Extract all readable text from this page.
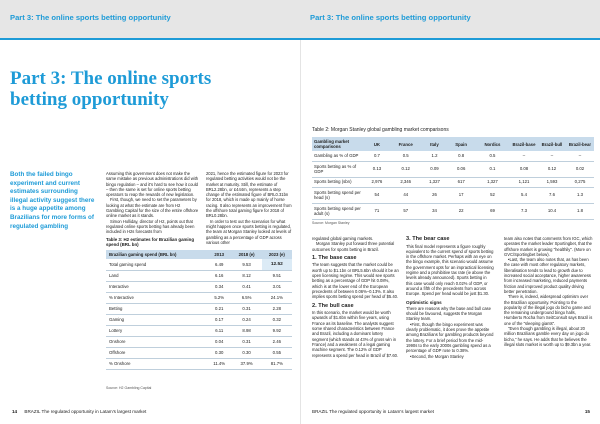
Part 3: The online sports betting opportunity
Part 3: The online sports betting opportunity
Both the failed bingo experiment and current estimates surrounding illegal activity suggest there is a huge appetite among Brazilians for more forms of regulated gambling

Assuming this government does not make the same mistake as previous administrations did with bingo regulation – and it's hard to see how it could – then the same is set for online sports betting operators to reap the rewards of new legislation.

First, though, we need to set the parameters by looking at what the estimate are from H2 Gambling Capital for the size of the entire offshore online market as it stands.

Simon Holliday, director of H2, points out that regulated online sports betting has already been included in H2s forecasts from

Table 3: H2 estimates for Brazilian gaming spend (BRL bn)

2021, hence the estimated figure for 2023 for regulated betting activities would not be the market at maturity. Still, the estimate of BRL2.28bn, or £444m, represents a step change of the estimated figure of BRL0.31bn for 2018, which is made up mainly of horse racing. It also represents an improvement from the offshore total gaming figure for 2018 of BRL0.28bn.

In order to test out the scenarios for what might happen once sports betting is regulated, the team at Morgan Stanley looked at levels of gambling as a percentage of GDP across various other

Brazilian gaming spend (BRL bn)	2013	2018 (e)	2023 (e)
Total gaming spend	6.49	9.53	12.52
Land	6.16	8.12	9.51
Interactive	0.34	0.41	3.01
% Interactive	5.2%	6.5%	24.1%
Betting	0.21	0.31	2.28
Gaming	0.17	0.24	0.32
Lottery	6.11	8.98	9.92
Onshore	0.04	0.31	2.46
Offshore	0.30	0.30	0.55
% Onshore	11.4%	37.9%	81.7%
Source: H2 Gambling Capital
14 BRAZIL The regulated opportunity in Latam's largest market
Part 3: The online sports betting opportunity
Table 2: Morgan Stanley global gambling market comparisons
Gambling market comparisons	UK	France	Italy	Spain	Nordics	Brazil-base	Brazil-bull	Brazil-bear
Gambling as % of GDP	0.7	0.5	1.2	0.8	0.5	–	–	–
Sports betting as % of GDP	0.13	0.12	0.09	0.06	0.1	0.08	0.12	0.02
Sports betting (sbn)	2,976	2,346	1,327	617	1,327	1,121	1,593	0,275
Sports betting spend per head (s)	54	44	26	17	52	5.4	7.6	1.3
Sports betting spend per adult (s)	71	57	34	22	69	7.3	10.4	1.8
Source: Morgan Stanley

regulated global gaming markets.

Morgan Stanley put forward three potential outcomes for sports betting in Brazil.

1. The base case

The team suggests that the market could be worth up to $1.1bn or BRL5.6bn should it be an open licensing regime. This would see sports betting as a percentage of GDP hit 0.08%, which is at the lower end of the European precedents of between 0.06%–0.13%. It also implies sports betting spend per head of $5.40.

2. The bull case

In this scenario, the market would be worth upwards of $1.6bn within five years, using France as its baseline. The analysts suggest some shared characteristics between France and Brazil, including a dominant lottery segment (which stands at 43% of gross win in France) and a weakness of a legal gaming machine segment. The 0.12% of GDP represents a spend per head in Brazil of $7.60.

3. The bear case

This final model represents a figure roughly equivalent to the current spend of sports betting in the offshore market. Perhaps with an eye on the bingo example, this scenario would assume the government opts for an impractical licensing regime and a prohibitive tax rate (ie above the levels already announced). Sports betting in this case would only reach 0.02% of GDP, or around a fifth of the precedents from across Europe. Spend per head would be just $1.30.

Optimistic signs

There are reasons why the base and bull case should be favoured, suggests the Morgan Stanley team.

•First, though the bingo experiment was clearly problematic, it does prove the appetite among Brazilians for gambling products beyond the lottery. For a brief period from the mid-1990s to the early 2000s gambling spend as a percentage of GDP rose to 0.38%.

•Second, the Morgan Stanley

team also notes that comments from IGC, which operates the market leader Sportingbet, that the offshore market is growing "healthily". (More on GVC/Sportingbet below).

•Last, the team also notes that, as has been the case with most other regulatory markets, liberalisation tends to lead to growth due to increased social acceptance, higher awareness from increased marketing, reduced payments friction and improved product quality driving better penetration.

There is, indeed, widespread optimism over the Brazilian opportunity. Pointing to the popularity of the illegal jogo do bicho game and the remaining underground bingo halls, Humberto Rocha from SeitConsult says Brazil is one of the "sleeping giants".

"Even though gambling is illegal, about 20 million Brazilians gamble every day on jogo do bicho," he says. He adds that he believes the illegal slots market is worth up to $9.3bn a year.

BRAZIL The regulated opportunity in Latam's largest market	15
